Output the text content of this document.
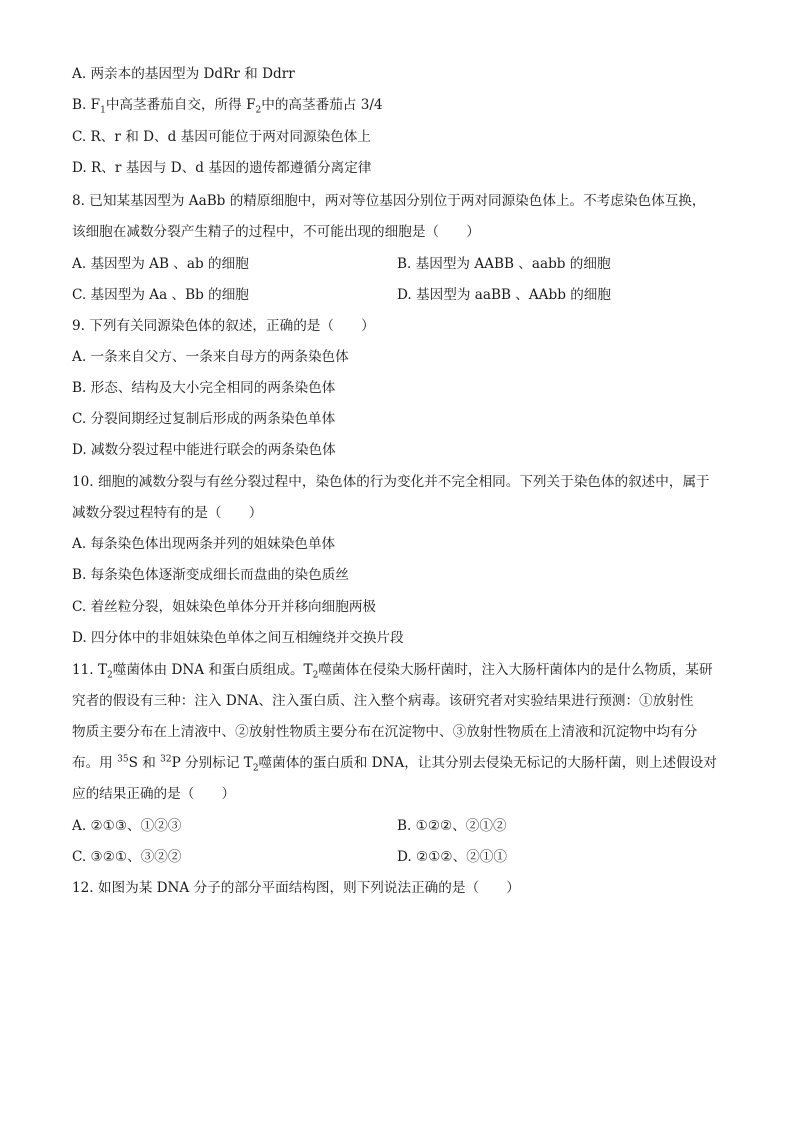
A. 两亲本的基因型为 DdRr 和 Ddrr
B. $F_1$中高茎番茄自交，所得 $F_2$中的高茎番茄占 3/4
C. R、r 和 D、d 基因可能位于两对同源染色体上
D. R、r 基因与 D、d 基因的遗传都遵循分离定律
8. 已知某基因型为 AaBb 的精原细胞中，两对等位基因分别位于两对同源染色体上。不考虑染色体互换，
该细胞在减数分裂产生精子的过程中，不可能出现的细胞是（　　）
A. 基因型为 AB 、ab 的细胞	B. 基因型为 AABB 、aabb 的细胞
C. 基因型为 Aa 、Bb 的细胞	D. 基因型为 aaBB 、AAbb 的细胞
9. 下列有关同源染色体的叙述，正确的是（　　）
A. 一条来自父方、一条来自母方的两条染色体
B. 形态、结构及大小完全相同的两条染色体
C. 分裂间期经过复制后形成的两条染色单体
D. 减数分裂过程中能进行联会的两条染色体
10. 细胞的减数分裂与有丝分裂过程中，染色体的行为变化并不完全相同。下列关于染色体的叙述中，属于
减数分裂过程特有的是（　　）
A. 每条染色体出现两条并列的姐妹染色单体
B. 每条染色体逐渐变成细长而盘曲的染色质丝
C. 着丝粒分裂，姐妹染色单体分开并移向细胞两极
D. 四分体中的非姐妹染色单体之间互相缠绕并交换片段
11. $T_2$噬菌体由 DNA 和蛋白质组成。$T_2$噬菌体在侵染大肠杆菌时，注入大肠杆菌体内的是什么物质，某研
究者的假设有三种：注入 DNA、注入蛋白质、注入整个病毒。该研究者对实验结果进行预测：①放射性
物质主要分布在上清液中、②放射性物质主要分布在沉淀物中、③放射性物质在上清液和沉淀物中均有分
布。用 $^{35}$S 和 $^{32}$P 分别标记 $T_2$噬菌体的蛋白质和 DNA，让其分别去侵染无标记的大肠杆菌，则上述假设对
应的结果正确的是（　　）
A. ②①③、①②③	B. ①②②、②①②
C. ③②①、③②②	D. ②①②、②①①
12. 如图为某 DNA 分子的部分平面结构图，则下列说法正确的是（　　）
